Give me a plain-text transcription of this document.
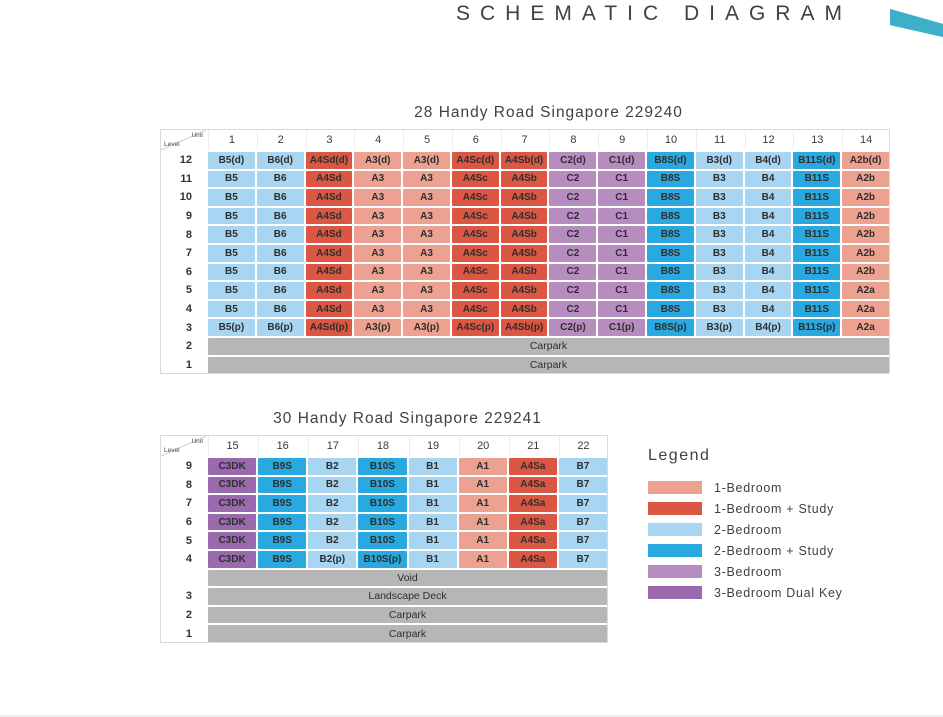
SCHEMATIC DIAGRAM
28 Handy Road Singapore 229240
Unit
Level	1	2	3	4	5	6	7	8	9	10	11	12	13	14
12	B5(d)	B6(d)	A4Sd(d)	A3(d)	A3(d)	A4Sc(d)	A4Sb(d)	C2(d)	C1(d)	B8S(d)	B3(d)	B4(d)	B11S(d)	A2b(d)
11	B5	B6	A4Sd	A3	A3	A4Sc	A4Sb	C2	C1	B8S	B3	B4	B11S	A2b
10	B5	B6	A4Sd	A3	A3	A4Sc	A4Sb	C2	C1	B8S	B3	B4	B11S	A2b
9	B5	B6	A4Sd	A3	A3	A4Sc	A4Sb	C2	C1	B8S	B3	B4	B11S	A2b
8	B5	B6	A4Sd	A3	A3	A4Sc	A4Sb	C2	C1	B8S	B3	B4	B11S	A2b
7	B5	B6	A4Sd	A3	A3	A4Sc	A4Sb	C2	C1	B8S	B3	B4	B11S	A2b
6	B5	B6	A4Sd	A3	A3	A4Sc	A4Sb	C2	C1	B8S	B3	B4	B11S	A2b
5	B5	B6	A4Sd	A3	A3	A4Sc	A4Sb	C2	C1	B8S	B3	B4	B11S	A2a
4	B5	B6	A4Sd	A3	A3	A4Sc	A4Sb	C2	C1	B8S	B3	B4	B11S	A2a
3	B5(p)	B6(p)	A4Sd(p)	A3(p)	A3(p)	A4Sc(p)	A4Sb(p)	C2(p)	C1(p)	B8S(p)	B3(p)	B4(p)	B11S(p)	A2a
2	Carpark
1	Carpark
30 Handy Road Singapore 229241
Unit
Level	15	16	17	18	19	20	21	22
9	C3DK	B9S	B2	B10S	B1	A1	A4Sa	B7
8	C3DK	B9S	B2	B10S	B1	A1	A4Sa	B7
7	C3DK	B9S	B2	B10S	B1	A1	A4Sa	B7
6	C3DK	B9S	B2	B10S	B1	A1	A4Sa	B7
5	C3DK	B9S	B2	B10S	B1	A1	A4Sa	B7
4	C3DK	B9S	B2(p)	B10S(p)	B1	A1	A4Sa	B7
Void
3	Landscape Deck
2	Carpark
1	Carpark
Legend
1-Bedroom
1-Bedroom + Study
2-Bedroom
2-Bedroom + Study
3-Bedroom
3-Bedroom Dual Key
